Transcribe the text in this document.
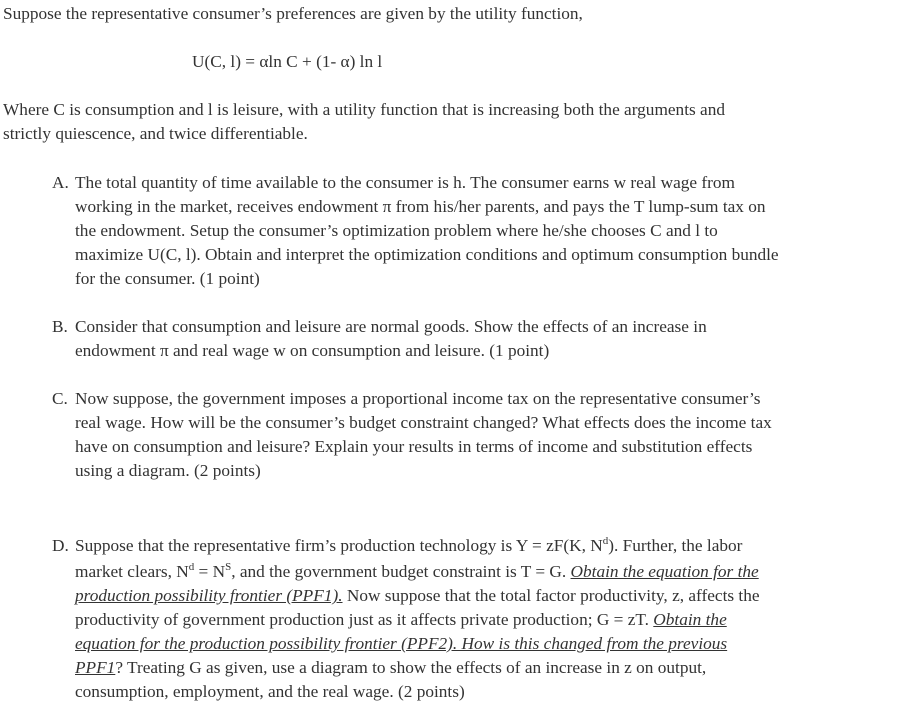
Suppose the representative consumer’s preferences are given by the utility function,
U(C, l) = αln C + (1- α) ln l
Where C is consumption and l is leisure, with a utility function that is increasing both the arguments and
strictly quiescence, and twice differentiable.
A. The total quantity of time available to the consumer is h. The consumer earns w real wage from
working in the market, receives endowment π from his/her parents, and pays the T lump-sum tax on
the endowment. Setup the consumer’s optimization problem where he/she chooses C and l to
maximize U(C, l). Obtain and interpret the optimization conditions and optimum consumption bundle
for the consumer. (1 point)
B. Consider that consumption and leisure are normal goods. Show the effects of an increase in
endowment π and real wage w on consumption and leisure. (1 point)
C. Now suppose, the government imposes a proportional income tax on the representative consumer’s
real wage. How will be the consumer’s budget constraint changed? What effects does the income tax
have on consumption and leisure? Explain your results in terms of income and substitution effects
using a diagram. (2 points)
D. Suppose that the representative firm’s production technology is Y = zF(K, $N^d$). Further, the labor
market clears, $N^d = N^S$, and the government budget constraint is T = G. Obtain the equation for the
production possibility frontier (PPF1). Now suppose that the total factor productivity, z, affects the
productivity of government production just as it affects private production; G = zT. Obtain the
equation for the production possibility frontier (PPF2). How is this changed from the previous
PPF1? Treating G as given, use a diagram to show the effects of an increase in z on output,
consumption, employment, and the real wage. (2 points)
